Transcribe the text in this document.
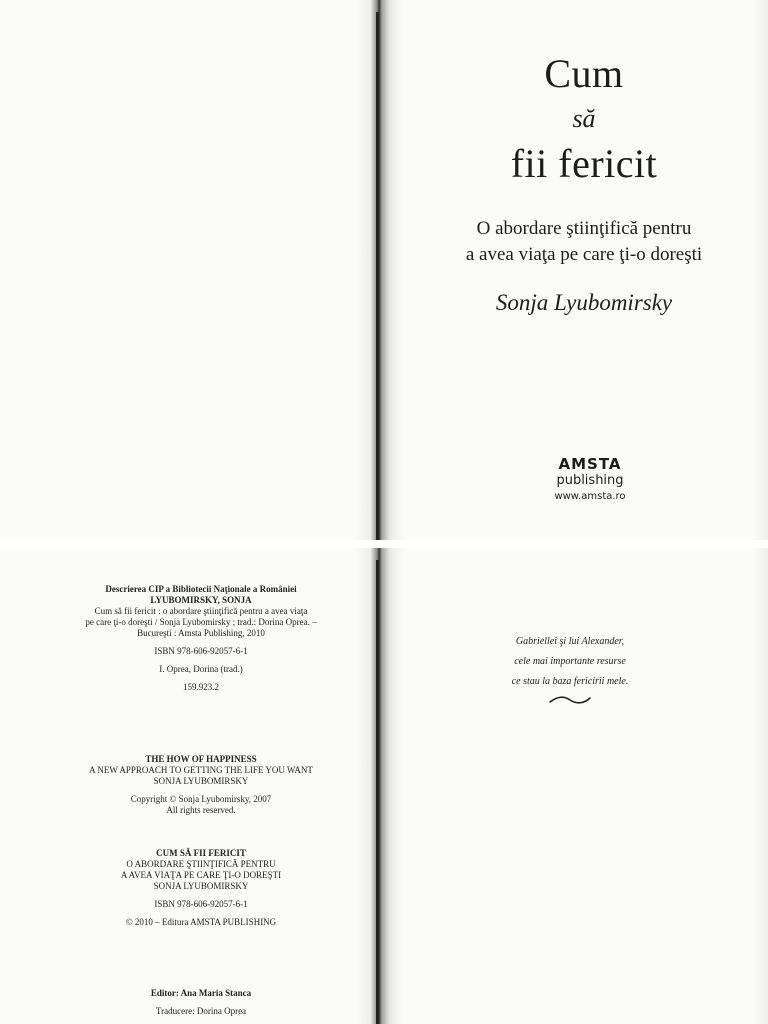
Cum
să
fii fericit
O abordare ştiinţifică pentru
a avea viaţa pe care ţi-o doreşti
Sonja Lyubomirsky
AMSTA
publishing
www.amsta.ro

Descrierea CIP a Bibliotecii Naţionale a României

LYUBOMIRSKY, SONJA

Cum să fii fericit : o abordare ştiinţifică pentru a avea viaţa

pe care ţi-o doreşti / Sonja Lyubomirsky ; trad.: Dorina Oprea. –

Bucureşti : Amsta Publishing, 2010

ISBN 978-606-92057-6-1

I. Oprea, Dorina (trad.)

159.923.2

THE HOW OF HAPPINESS

A NEW APPROACH TO GETTING THE LIFE YOU WANT

SONJA LYUBOMIRSKY

Copyright © Sonja Lyubomirsky, 2007

All rights reserved.

CUM SĂ FII FERICIT

O ABORDARE ŞTIINŢIFICĂ PENTRU

A AVEA VIAŢA PE CARE ŢI-O DOREŞTI

SONJA LYUBOMIRSKY

ISBN 978-606-92057-6-1

© 2010 – Editura AMSTA PUBLISHING

Editor: Ana Maria Stanca

Traducere: Dorina Oprea

Gabriellei şi lui Alexander,
cele mai importante resurse
ce stau la baza fericirii mele.
